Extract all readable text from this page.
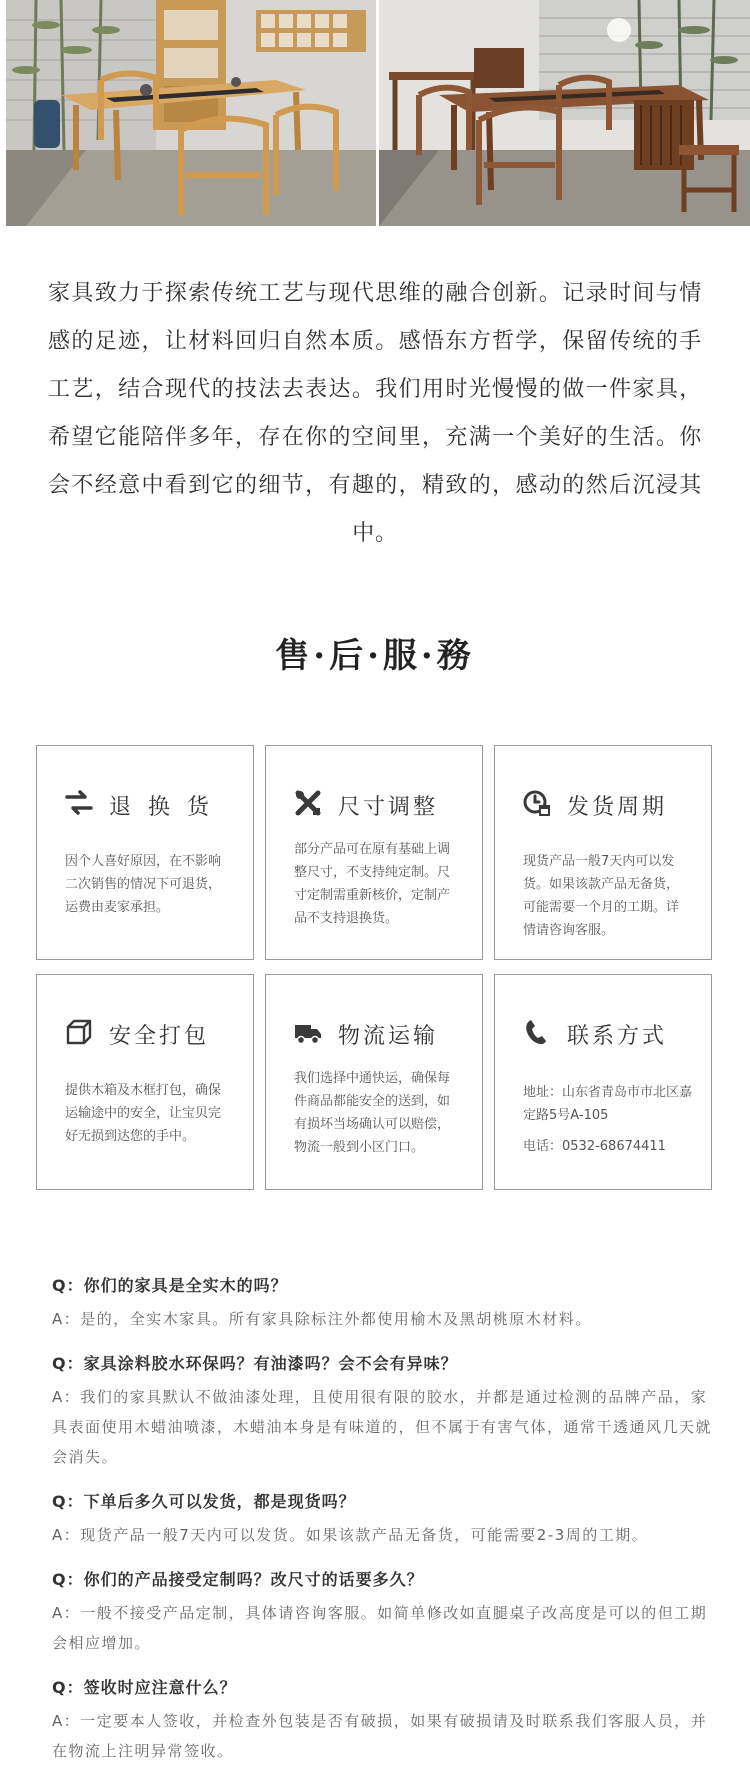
家具致力于探索传统工艺与现代思维的融合创新。记录时间与情感的足迹，让材料回归自然本质。感悟东方哲学，保留传统的手工艺，结合现代的技法去表达。我们用时光慢慢的做一件家具，希望它能陪伴多年，存在你的空间里，充满一个美好的生活。你会不经意中看到它的细节，有趣的，精致的，感动的然后沉浸其中。

售·后·服·務
退 换 货

因个人喜好原因，在不影响二次销售的情况下可退货，运费由麦家承担。

尺寸调整

部分产品可在原有基础上调整尺寸，不支持纯定制。尺寸定制需重新核价，定制产品不支持退换货。

发货周期

现货产品一般7天内可以发货。如果该款产品无备货，可能需要一个月的工期。详情请咨询客服。

安全打包

提供木箱及木框打包，确保运输途中的安全，让宝贝完好无损到达您的手中。

物流运输

我们选择中通快运，确保每件商品都能安全的送到，如有损坏当场确认可以赔偿，物流一般到小区门口。

联系方式

地址：山东省青岛市市北区嘉定路5号A-105

电话：0532-68674411

Q：你们的家具是全实木的吗？

A：是的，全实木家具。所有家具除标注外都使用榆木及黑胡桃原木材料。

Q：家具涂料胶水环保吗？有油漆吗？会不会有异味？

A：我们的家具默认不做油漆处理，且使用很有限的胶水，并都是通过检测的品牌产品，家具表面使用木蜡油喷漆，木蜡油本身是有味道的，但不属于有害气体，通常干透通风几天就会消失。

Q：下单后多久可以发货，都是现货吗？

A：现货产品一般7天内可以发货。如果该款产品无备货，可能需要2-3周的工期。

Q：你们的产品接受定制吗？改尺寸的话要多久？

A：一般不接受产品定制，具体请咨询客服。如简单修改如直腿桌子改高度是可以的但工期会相应增加。

Q：签收时应注意什么？

A：一定要本人签收，并检查外包装是否有破损，如果有破损请及时联系我们客服人员，并在物流上注明异常签收。
